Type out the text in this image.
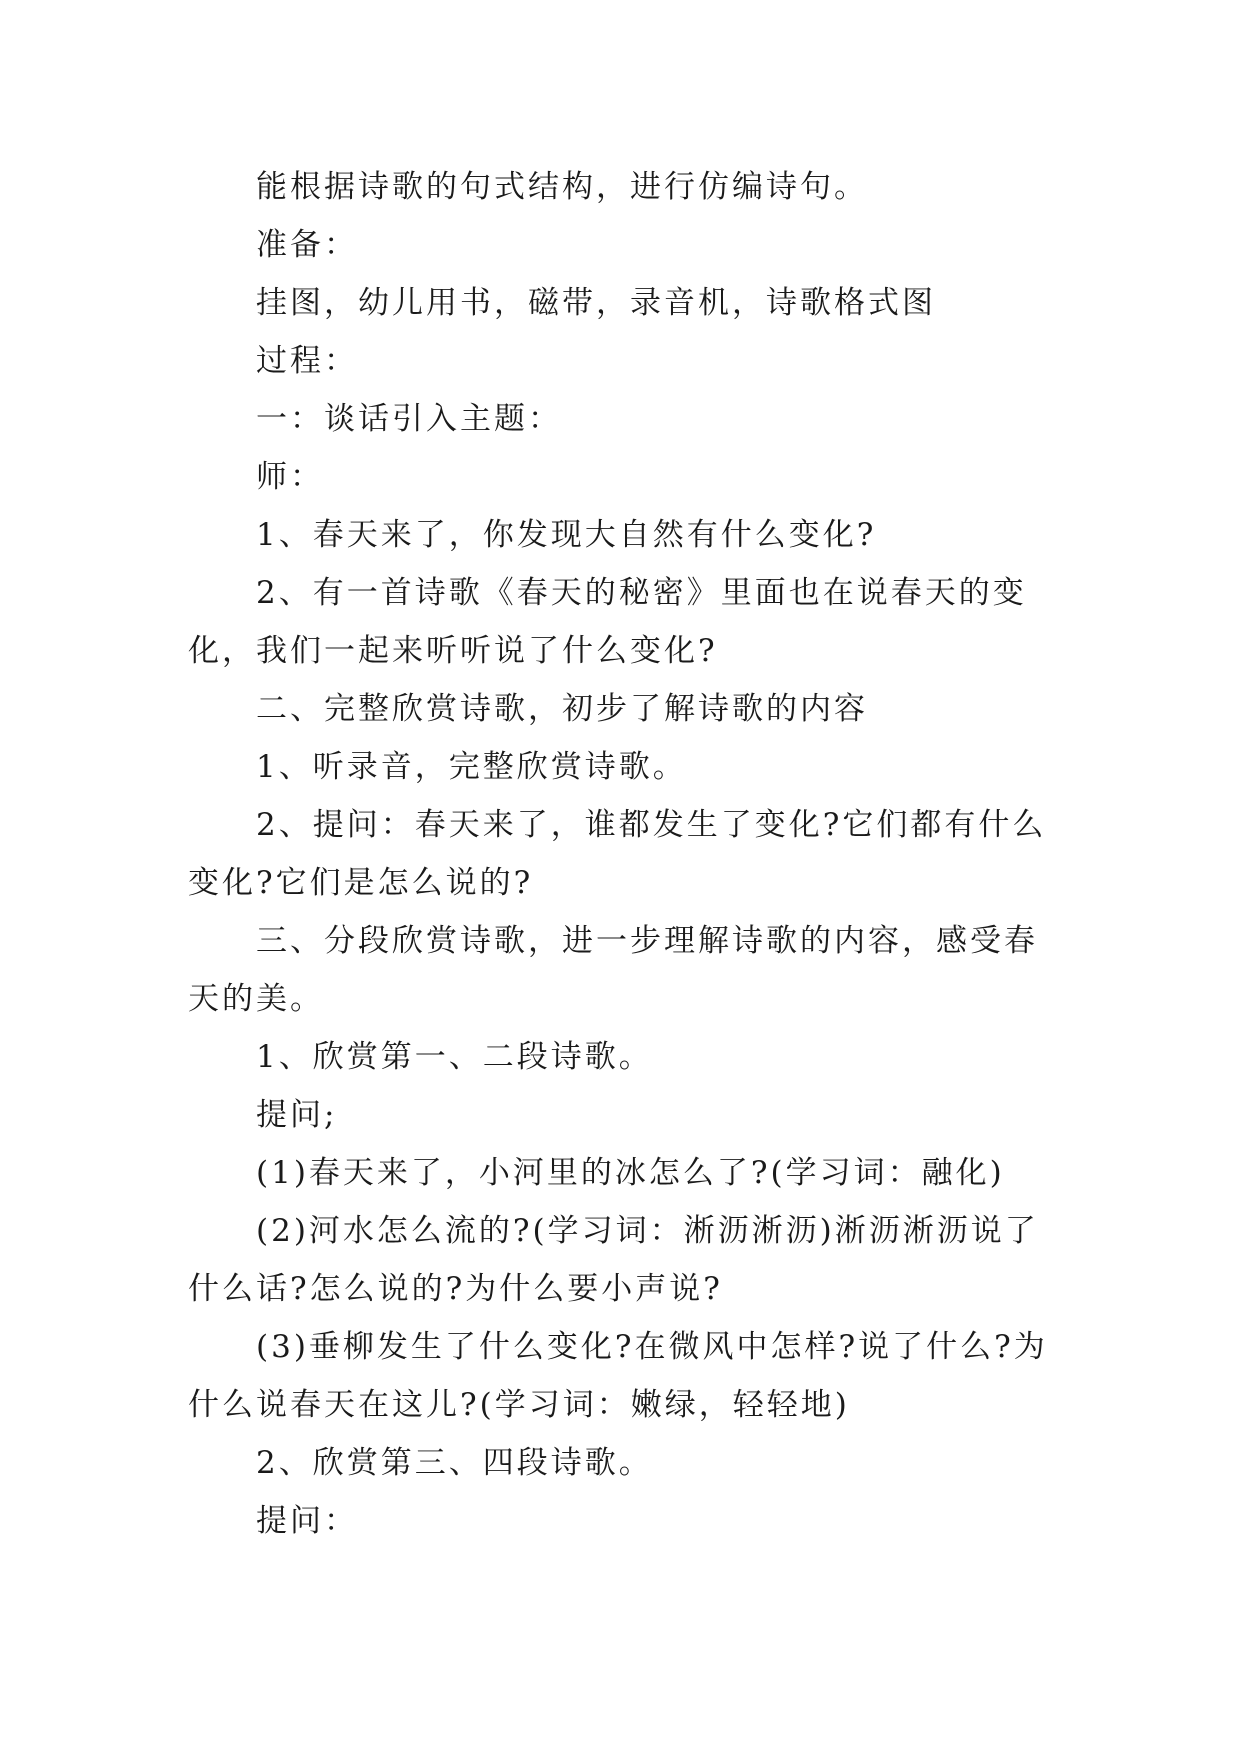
能根据诗歌的句式结构，进行仿编诗句。

准备：

挂图，幼儿用书，磁带，录音机，诗歌格式图

过程：

一：谈话引入主题：

师：

1、春天来了，你发现大自然有什么变化?

2、有一首诗歌《春天的秘密》里面也在说春天的变化，我们一起来听听说了什么变化?

二、完整欣赏诗歌，初步了解诗歌的内容

1、听录音，完整欣赏诗歌。

2、提问：春天来了，谁都发生了变化?它们都有什么变化?它们是怎么说的?

三、分段欣赏诗歌，进一步理解诗歌的内容，感受春天的美。

1、欣赏第一、二段诗歌。

提问;

(1)春天来了，小河里的冰怎么了?(学习词：融化)

(2)河水怎么流的?(学习词：淅沥淅沥)淅沥淅沥说了什么话?怎么说的?为什么要小声说?

(3)垂柳发生了什么变化?在微风中怎样?说了什么?为什么说春天在这儿?(学习词：嫩绿，轻轻地)

2、欣赏第三、四段诗歌。

提问：
